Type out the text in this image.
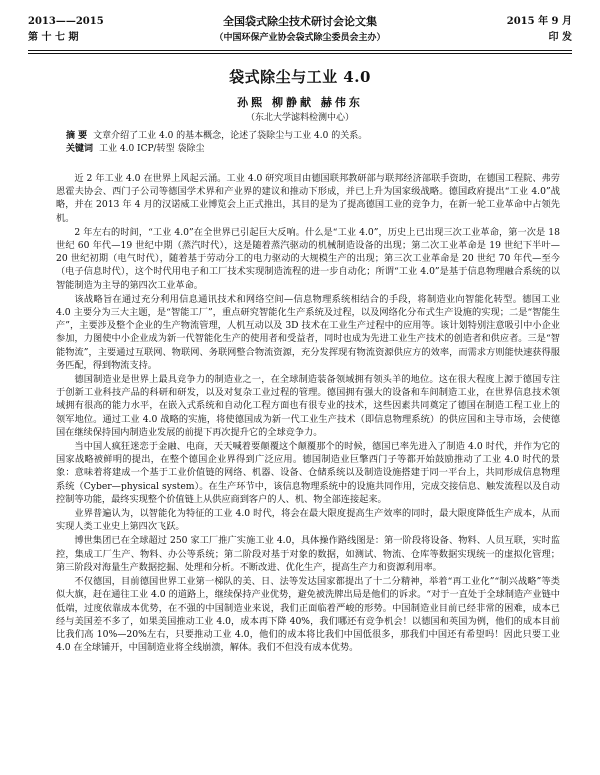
2013——2015
第 十 七 期
全国袋式除尘技术研讨会论文集
（中国环保产业协会袋式除尘委员会主办）
2015 年 9 月
印 发
袋式除尘与工业 4.0
孙熙 柳静献 赫伟东
（东北大学滤料检测中心）
摘 要 文章介绍了工业 4.0 的基本概念，论述了袋除尘与工业 4.0 的关系。
关键词 工业 4.0 ICP/转型 袋除尘

近 2 年工业 4.0 在世界上风起云涌。工业 4.0 研究项目由德国联邦教研部与联邦经济部联手资助，在德国工程院、弗劳恩霍夫协会、西门子公司等德国学术界和产业界的建议和推动下形成，并已上升为国家级战略。德国政府提出“工业 4.0”战略，并在 2013 年 4 月的汉诺威工业博览会上正式推出，其目的是为了提高德国工业的竞争力，在新一轮工业革命中占领先机。

2 年左右的时间，“工业 4.0”在全世界已引起巨大反响。什么是“工业 4.0”，历史上已出现三次工业革命，第一次是 18 世纪 60 年代—19 世纪中期（蒸汽时代），这是随着蒸汽驱动的机械制造设备的出现；第二次工业革命是 19 世纪下半叶—20 世纪初期（电气时代），随着基于劳动分工的电力驱动的大规模生产的出现；第三次工业革命是 20 世纪 70 年代—至今（电子信息时代），这个时代用电子和工厂技术实现制造流程的进一步自动化；所谓“工业 4.0”是基于信息物理融合系统的以智能制造为主导的第四次工业革命。

该战略旨在通过充分利用信息通讯技术和网络空间—信息物理系统相结合的手段，将制造业向智能化转型。德国工业 4.0 主要分为三大主题，是“智能工厂”，重点研究智能化生产系统及过程，以及网络化分布式生产设施的实现；二是“智能生产”，主要涉及整个企业的生产物流管理，人机互动以及 3D 技术在工业生产过程中的应用等。该计划特别注意吸引中小企业参加，力图使中小企业成为新一代智能化生产的使用者和受益者，同时也成为先进工业生产技术的创造者和供应者。三是“智能物流”，主要通过互联网、物联网、务联网整合物流资源，充分发挥现有物流资源供应方的效率，而需求方则能快速获得服务匹配，得到物流支持。

德国制造业是世界上最具竞争力的制造业之一，在全球制造装备领域拥有领头羊的地位。这在很大程度上源于德国专注于创新工业科技产品的科研和研发，以及对复杂工业过程的管理。德国拥有强大的设备和车间制造工业，在世界信息技术领域拥有很高的能力水平，在嵌入式系统和自动化工程方面也有很专业的技术，这些因素共同奠定了德国在制造工程工业上的领军地位。通过工业 4.0 战略的实施，将使德国成为新一代工业生产技术（即信息物理系统）的供应国和主导市场，会使德国在继续保持国内制造业发展的前提下再次提升它的全球竞争力。

当中国人疯狂迷恋于金融、电商，天天喊着要颠覆这个颠覆那个的时候，德国已率先进入了制造 4.0 时代，并作为它的国家战略被鲜明的提出，在整个德国企业界得到广泛应用。德国制造业巨擎西门子等都开始鼓励推动了工业 4.0 时代的景象：意味着将建成一个基于工业价值链的网络、机器、设备、仓储系统以及制造设施搭建于同一平台上，共同形成信息物理系统（Cyber—physical system）。在生产环节中，该信息物理系统中的设施共同作用，完成交接信息、触发流程以及自动控制等功能，最终实现整个价值链上从供应商到客户的人、机、物全部连接起来。

业界普遍认为，以智能化为特征的工业 4.0 时代，将会在最大限度提高生产效率的同时，最大限度降低生产成本，从而实现人类工业史上第四次飞跃。

博世集团已在全球超过 250 家工厂推广实施工业 4.0，具体操作路线图是：第一阶段将设备、物料、人员互联，实时监控，集成工厂生产、物料、办公等系统；第二阶段对基于对象的数据，如测试、物流、仓库等数据实现统一的虚拟化管理；第三阶段对海量生产数据挖掘、处理和分析。不断改进、优化生产，提高生产力和资源利用率。

不仅德国，目前德国世界工业第一梯队的美、日、法等发达国家都提出了十二分精神，举着“再工业化”“制兴战略”等类似大旗，赶在通往工业 4.0 的道路上，继续保持产业优势，避免被洗牌出局是他们的诉求。“对于一直处于全球制造产业链中低端，过度依靠成本优势，在不强的中国制造业来说，我们正面临着严峻的形势。中国制造业目前已经非常的困难，成本已经与美国差不多了，如果美国推动工业 4.0，成本再下降 40%，我们哪还有竞争机会！以德国和英国为例，他们的成本目前比我们高 10%—20%左右，只要推动工业 4.0，他们的成本将比我们中国低很多，那我们中国还有希望吗！因此只要工业 4.0 在全球铺开，中国制造业将全线崩溃，解体。我们不但没有成本优势。
